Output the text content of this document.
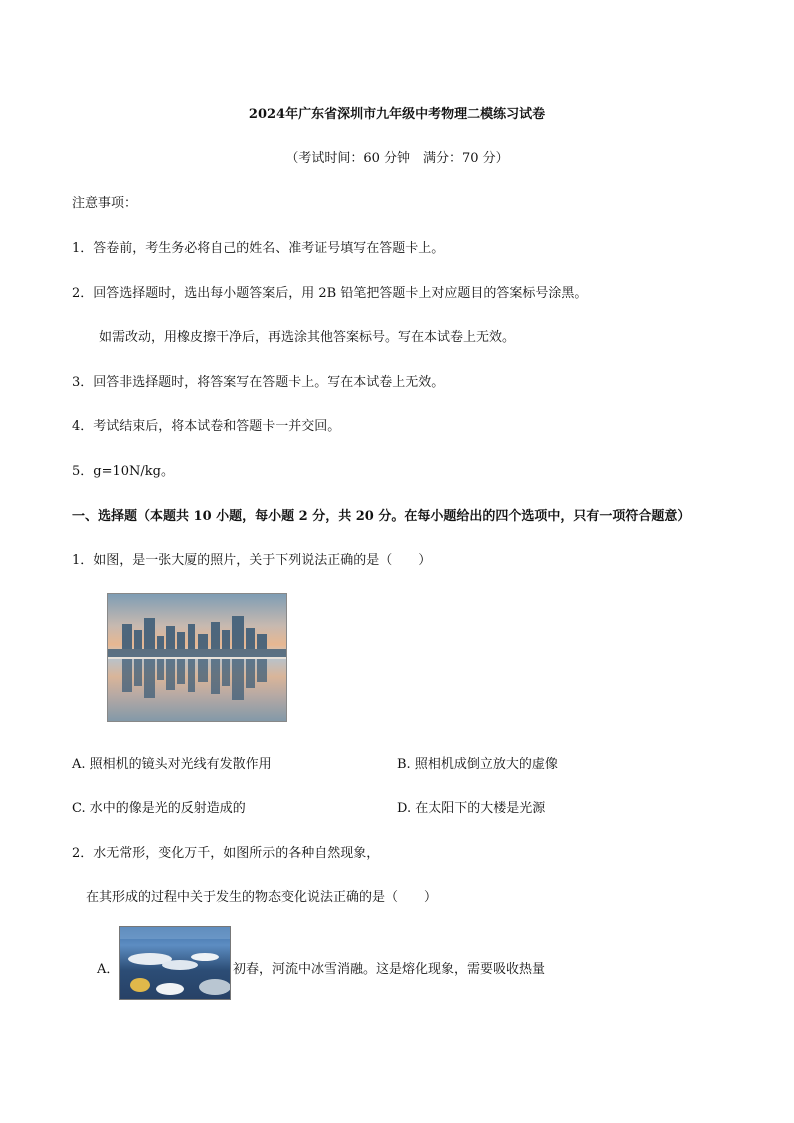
2024年广东省深圳市九年级中考物理二模练习试卷
（考试时间：60 分钟　满分：70 分）
注意事项：
1．答卷前，考生务必将自己的姓名、准考证号填写在答题卡上。
2．回答选择题时，选出每小题答案后，用 2B 铅笔把答题卡上对应题目的答案标号涂黑。
如需改动，用橡皮擦干净后，再选涂其他答案标号。写在本试卷上无效。
3．回答非选择题时，将答案写在答题卡上。写在本试卷上无效。
4．考试结束后，将本试卷和答题卡一并交回。
5．g=10N/kg。
一、选择题（本题共 10 小题，每小题 2 分，共 20 分。在每小题给出的四个选项中，只有一项符合题意）
1．如图，是一张大厦的照片，关于下列说法正确的是（　　）
A. 照相机的镜头对光线有发散作用	B. 照相机成倒立放大的虚像
C. 水中的像是光的反射造成的	D. 在太阳下的大楼是光源
2．水无常形，变化万千，如图所示的各种自然现象，
在其形成的过程中关于发生的物态变化说法正确的是（　　）
A．	初春，河流中冰雪消融。这是熔化现象，需要吸收热量
